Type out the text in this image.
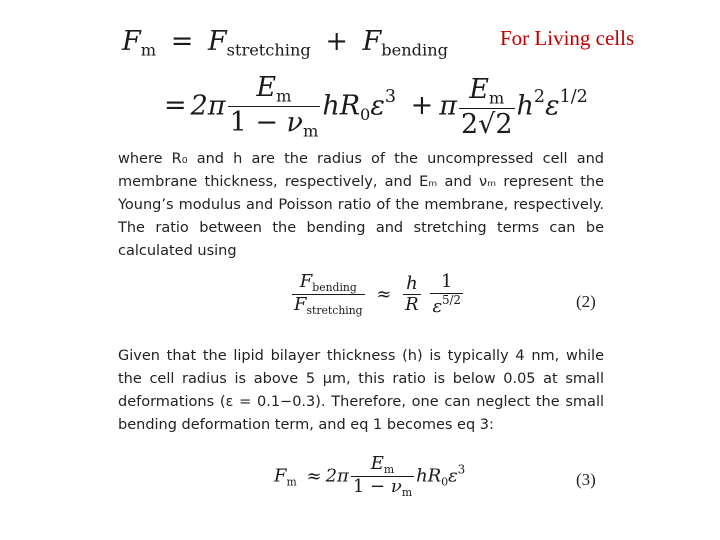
For Living cells
$F_m = F_{stretching} + F_{bending}$
= $2\pi \frac{E_m}{1 - \nu_m} hR_0\varepsilon^3 + \pi \frac{E_m}{2√2} h^2\varepsilon^{1/2}$
where R₀ and h are the radius of the uncompressed cell and membrane thickness, respectively, and Eₘ and νₘ represent the Young’s modulus and Poisson ratio of the membrane, respectively. The ratio between the bending and stretching terms can be calculated using
$\frac{F_{bending}}{F_{stretching}} \approx \frac{h}{R}$
$\frac{1}{\varepsilon^{5/2}}$	(2)
Given that the lipid bilayer thickness (h) is typically 4 nm, while the cell radius is above 5 μm, this ratio is below 0.05 at small deformations (ε = 0.1−0.3). Therefore, one can neglect the small bending deformation term, and eq 1 becomes eq 3:
$F_m \approx 2\pi \frac{E_m}{1 - \nu_m} hR_0\varepsilon^3$
(3)
